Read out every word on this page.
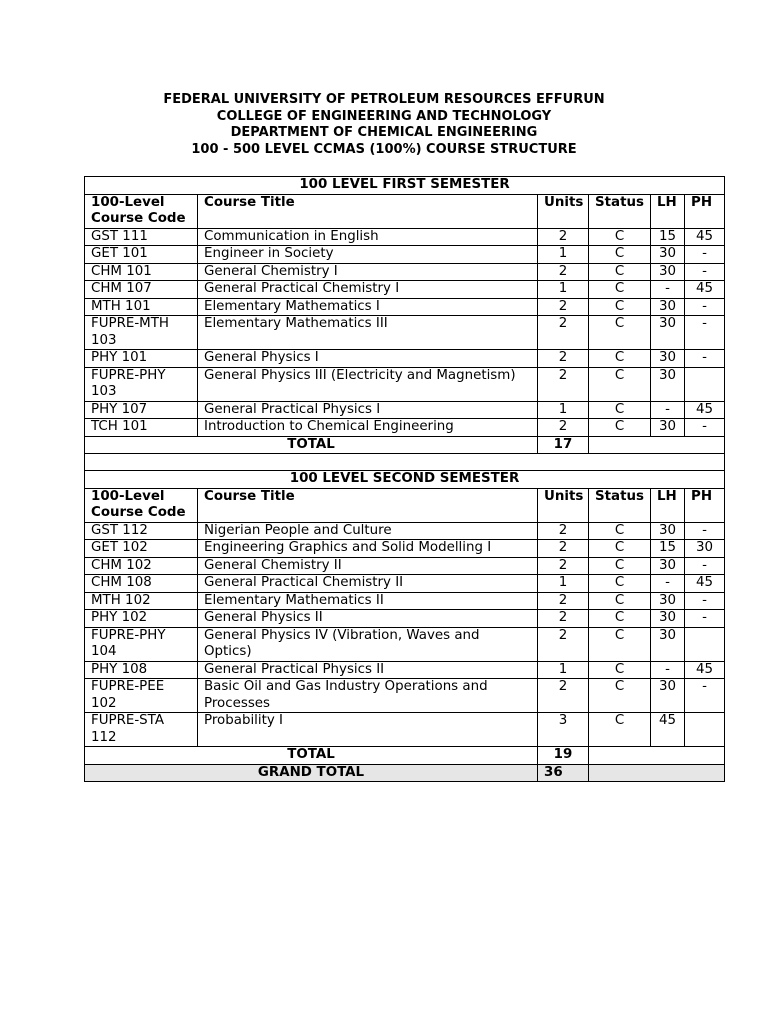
FEDERAL UNIVERSITY OF PETROLEUM RESOURCES EFFURUN
COLLEGE OF ENGINEERING AND TECHNOLOGY
DEPARTMENT OF CHEMICAL ENGINEERING
100 - 500 LEVEL CCMAS (100%) COURSE STRUCTURE
100 LEVEL FIRST SEMESTER					
100-Level Course Code	Course Title	Units	Status	LH	PH
GST 111	Communication in English	2	C	15	45
GET 101	Engineer in Society	1	C	30	-
CHM 101	General Chemistry I	2	C	30	-
CHM 107	General Practical Chemistry I	1	C	-	45
MTH 101	Elementary Mathematics I	2	C	30	-
FUPRE-MTH 103	Elementary Mathematics III	2	C	30	-
PHY 101	General Physics I	2	C	30	-
FUPRE-PHY 103	General Physics III (Electricity and Magnetism)	2	C	30	
PHY 107	General Practical Physics I	1	C	-	45
TCH 101	Introduction to Chemical Engineering	2	C	30	-
TOTAL		17			

100 LEVEL SECOND SEMESTER					
100-Level Course Code	Course Title	Units	Status	LH	PH
GST 112	Nigerian People and Culture	2	C	30	-
GET 102	Engineering Graphics and Solid Modelling I	2	C	15	30
CHM 102	General Chemistry II	2	C	30	-
CHM 108	General Practical Chemistry II	1	C	-	45
MTH 102	Elementary Mathematics II	2	C	30	-
PHY 102	General Physics II	2	C	30	-
FUPRE-PHY 104	General Physics IV (Vibration, Waves and Optics)	2	C	30	
PHY 108	General Practical Physics II	1	C	-	45
FUPRE-PEE 102	Basic Oil and Gas Industry Operations and Processes	2	C	30	-
FUPRE-STA 112	Probability I	3	C	45	
TOTAL		19			
GRAND TOTAL		36			
